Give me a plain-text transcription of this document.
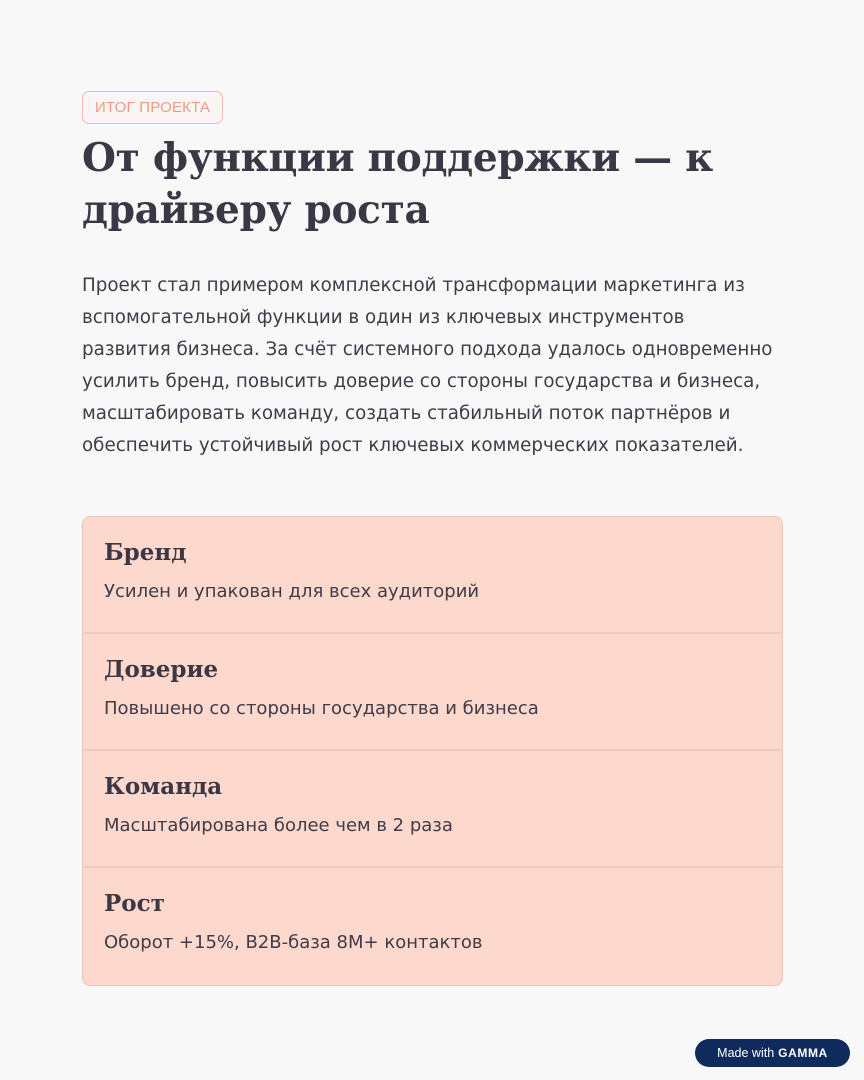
ИТОГ ПРОЕКТА
От функции поддержки — к
драйверу роста

Проект стал примером комплексной трансформации маркетинга из
вспомогательной функции в один из ключевых инструментов
развития бизнеса. За счёт системного подхода удалось одновременно
усилить бренд, повысить доверие со стороны государства и бизнеса,
масштабировать команду, создать стабильный поток партнёров и
обеспечить устойчивый рост ключевых коммерческих показателей.

Бренд
Усилен и упакован для всех аудиторий
Доверие
Повышено со стороны государства и бизнеса
Команда
Масштабирована более чем в 2 раза
Рост
Оборот +15%, B2B-база 8M+ контактов
Made with GAMMA
